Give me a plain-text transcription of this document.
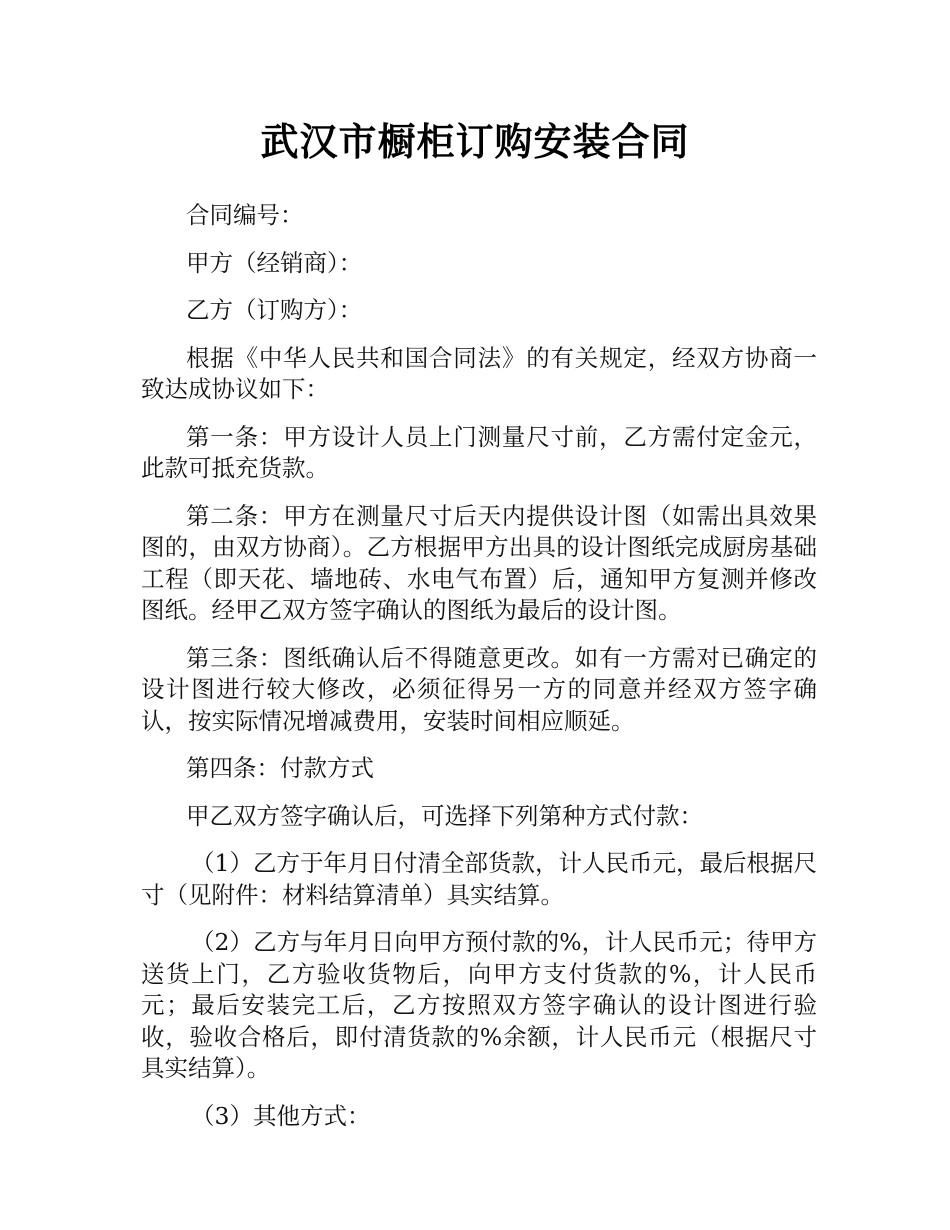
武汉市橱柜订购安装合同

合同编号：

甲方（经销商）：

乙方（订购方）：

根据《中华人民共和国合同法》的有关规定，经双方协商一致达成协议如下：

第一条：甲方设计人员上门测量尺寸前，乙方需付定金元，此款可抵充货款。

第二条：甲方在测量尺寸后天内提供设计图（如需出具效果图的，由双方协商）。乙方根据甲方出具的设计图纸完成厨房基础工程（即天花、墙地砖、水电气布置）后，通知甲方复测并修改图纸。经甲乙双方签字确认的图纸为最后的设计图。

第三条：图纸确认后不得随意更改。如有一方需对已确定的设计图进行较大修改，必须征得另一方的同意并经双方签字确认，按实际情况增减费用，安装时间相应顺延。

第四条：付款方式

甲乙双方签字确认后，可选择下列第种方式付款：

（1）乙方于年月日付清全部货款，计人民币元，最后根据尺寸（见附件：材料结算清单）具实结算。

（2）乙方与年月日向甲方预付款的%，计人民币元；待甲方送货上门，乙方验收货物后，向甲方支付货款的%，计人民币元；最后安装完工后，乙方按照双方签字确认的设计图进行验收，验收合格后，即付清货款的%余额，计人民币元（根据尺寸具实结算）。

（3）其他方式：
